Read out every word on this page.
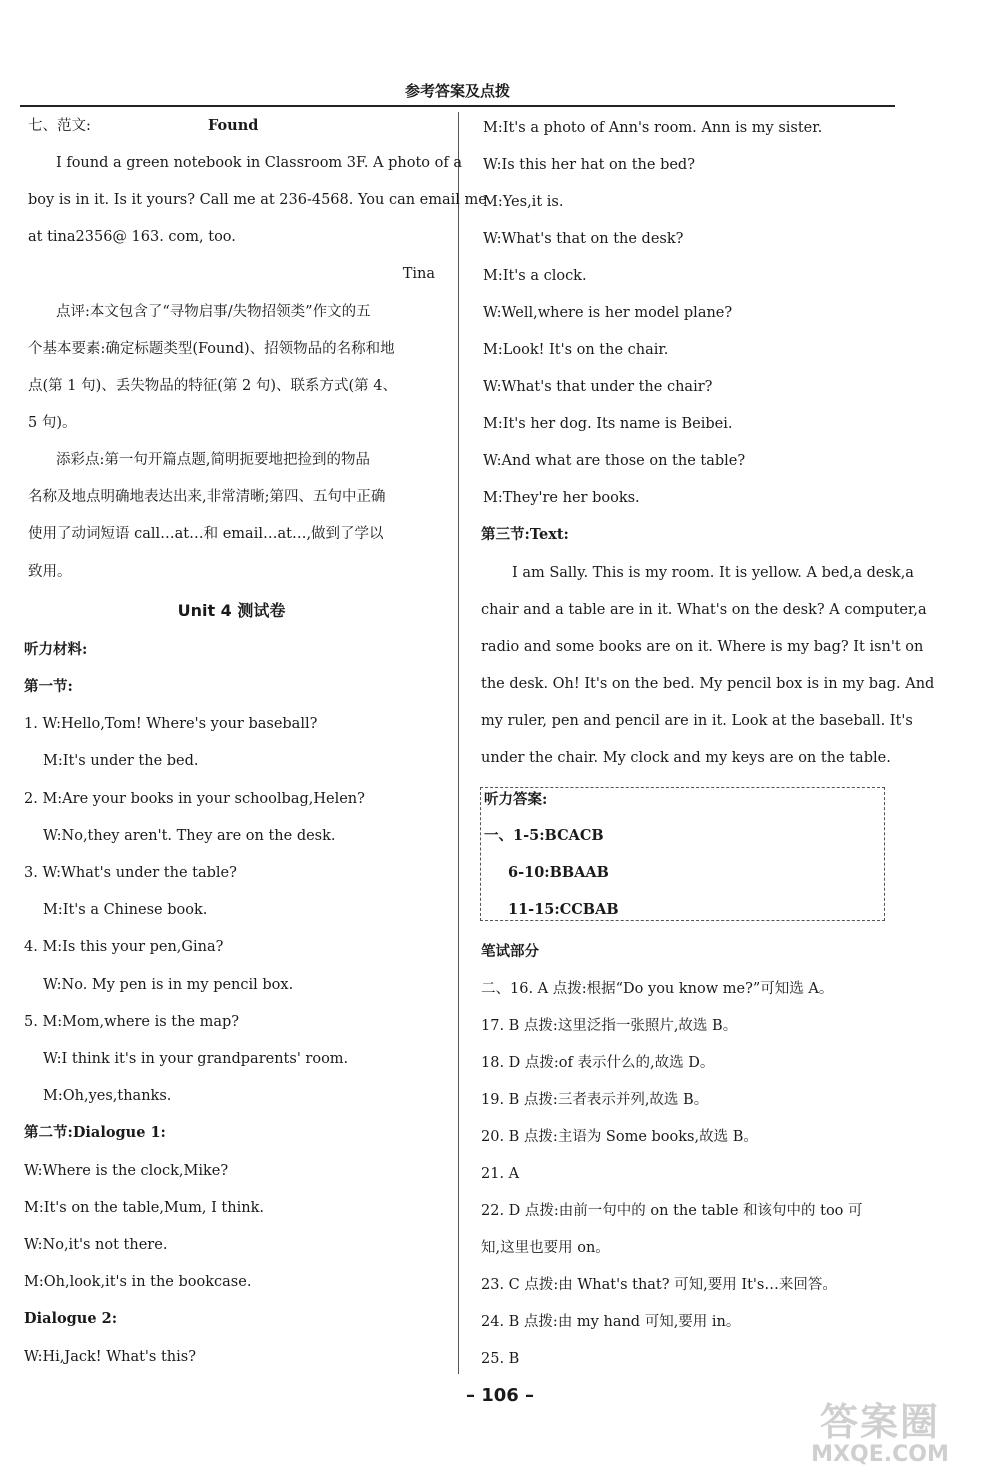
参考答案及点拨
七、范文:	Found
I found a green notebook in Classroom 3F. A photo of a
boy is in it. Is it yours? Call me at 236-4568. You can email me
at tina2356@ 163. com, too.
Tina
点评:本文包含了“寻物启事/失物招领类”作文的五
个基本要素:确定标题类型(Found)、招领物品的名称和地
点(第 1 句)、丢失物品的特征(第 2 句)、联系方式(第 4、
5 句)。
添彩点:第一句开篇点题,简明扼要地把捡到的物品
名称及地点明确地表达出来,非常清晰;第四、五句中正确
使用了动词短语 call…at…和 email…at…,做到了学以
致用。
Unit 4 测试卷
听力材料:
第一节:
1. W:Hello,Tom! Where's your baseball?
M:It's under the bed.
2. M:Are your books in your schoolbag,Helen?
W:No,they aren't. They are on the desk.
3. W:What's under the table?
M:It's a Chinese book.
4. M:Is this your pen,Gina?
W:No. My pen is in my pencil box.
5. M:Mom,where is the map?
W:I think it's in your grandparents' room.
M:Oh,yes,thanks.
第二节:Dialogue 1:
W:Where is the clock,Mike?
M:It's on the table,Mum, I think.
W:No,it's not there.
M:Oh,look,it's in the bookcase.
Dialogue 2:
W:Hi,Jack! What's this?
M:It's a photo of Ann's room. Ann is my sister.
W:Is this her hat on the bed?
M:Yes,it is.
W:What's that on the desk?
M:It's a clock.
W:Well,where is her model plane?
M:Look! It's on the chair.
W:What's that under the chair?
M:It's her dog. Its name is Beibei.
W:And what are those on the table?
M:They're her books.
第三节:Text:
I am Sally. This is my room. It is yellow. A bed,a desk,a
chair and a table are in it. What's on the desk? A computer,a
radio and some books are on it. Where is my bag? It isn't on
the desk. Oh! It's on the bed. My pencil box is in my bag. And
my ruler, pen and pencil are in it. Look at the baseball. It's
under the chair. My clock and my keys are on the table.
听力答案:
一、1-5:BCACB
6-10:BBAAB
11-15:CCBAB
笔试部分
二、16. A 点拨:根据“Do you know me?”可知选 A。
17. B 点拨:这里泛指一张照片,故选 B。
18. D 点拨:of 表示什么的,故选 D。
19. B 点拨:三者表示并列,故选 B。
20. B 点拨:主语为 Some books,故选 B。
21. A
22. D 点拨:由前一句中的 on the table 和该句中的 too 可
知,这里也要用 on。
23. C 点拨:由 What's that? 可知,要用 It's…来回答。
24. B 点拨:由 my hand 可知,要用 in。
25. B
– 106 –
答案圈
MXQE.COM
